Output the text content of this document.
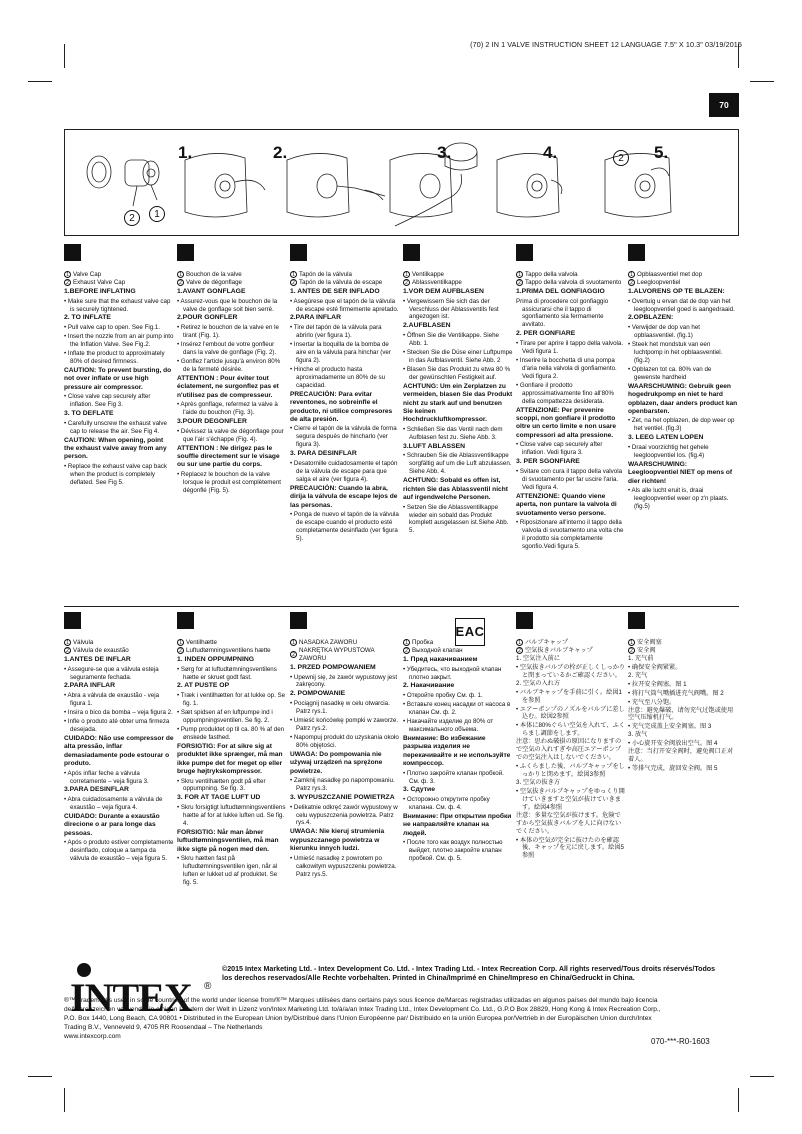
(70) 2 IN 1 VALVE INSTRUCTION SHEET 12 LANGUAGE 7.5" X 10.3" 03/19/2015
70
1.	2.	3.	4.	5.
1
2
2
1 Valve Cap
2 Exhaust Valve Cap
1.BEFORE INFLATING
• Make sure that the exhaust valve cap is securely tightened.
2. TO INFLATE
• Pull valve cap to open. See Fig.1.
• Insert the nozzle from an air pump into the Inflation Valve. See Fig.2.
• Inflate the product to approximately 80% of desired firmness.
CAUTION: To prevent bursting, do not over inflate or use high pressure air compressor.
• Close valve cap securely after inflation. See Fig 3.
3. TO DEFLATE
• Carefully unscrew the exhaust valve cap to release the air. See Fig 4.
CAUTION: When opening, point the exhaust valve away from any person.
• Replace the exhaust valve cap back when the product is completely deflated. See Fig 5.
1 Bouchon de la valve
2 Valve de dégonflage
1.AVANT GONFLAGE
• Assurez-vous que le bouchon de la valve de gonflage soit bien serré.
2.POUR GONFLER
• Retirez le bouchon de la valve en le tirant (Fig. 1).
• Insérez l'embout de votre gonfleur dans la valve de gonflage (Fig. 2).
• Gonflez l'article jusqu'à environ 80% de la fermeté désirée.
ATTENTION : Pour éviter tout éclatement, ne surgonflez pas et n'utilisez pas de compresseur.
• Après gonflage, refermez la valve à l'aide du bouchon (Fig. 3).
3.POUR DEGONFLER
• Dévissez la valve de dégonflage pour que l'air s'échappe (Fig. 4).
ATTENTION : Ne dirigez pas le souffle directement sur le visage ou sur une partie du corps.
• Replacez le bouchon de la valve lorsque le produit est complètement dégonflé (Fig. 5).
1 Tapón de la válvula
2 Tapón de la válvula de escape
1. ANTES DE SER INFLADO
• Asegúrese que el tapón de la válvula de escape esté firmemente apretado.
2.PARA INFLAR
• Tire del tapón de la válvula para abrirlo (ver figura 1).
• Insertar la boquilla de la bomba de aire en la válvula para hinchar (ver figura 2).
• Hinche el producto hasta aproximadamente un 80% de su capacidad.
PRECAUCIÓN: Para evitar reventones, no sobreinfle el producto, ni utilice compresores de alta presión.
• Cierre el tapón de la válvula de forma segura después de hincharlo (ver figura 3).
3. PARA DESINFLAR
• Desatornille cuidadosamente el tapón de la válvula de escape para que salga el aire (ver figura 4).
PRECAUCIÓN: Cuando la abra, dirija la válvula de escape lejos de las personas.
• Ponga de nuevo el tapón de la válvula de escape cuando el producto esté completamente desinflado (ver figura 5).
1 Ventilkappe
2 Ablassventilkappe
1.VOR DEM AUFBLASEN
• Vergewissern Sie sich das der Verschluss der Ablassventils fest angezogen ist.
2.AUFBLASEN
• Öffnen Sie die Ventilkappe. Siehe Abb. 1.
• Stecken Sie die Düse einer Luftpumpe in das Aufblasventil. Siehe Abb. 2
• Blasen Sie das Produkt zu etwa 80 % der gewünschten Festigkeit auf.
ACHTUNG: Um ein Zerplatzen zu vermeiden, blasen Sie das Produkt nicht zu stark auf und benutzen Sie keinen Hochdruckluftkompressor.
• Schließen Sie das Ventil nach dem Aufblasen fest zu. Siehe Abb. 3.
3.LUFT ABLASSEN
• Schrauben Sie die Ablassventilkappe sorgfältig auf um die Luft abzulassen. Siehe Abb. 4.
ACHTUNG: Sobald es offen ist, richten Sie das Ablassventil nicht auf irgendwelche Personen.
• Setzen Sie die Ablassventilkappe wieder ein sobald das Produkt komplett ausgelassen ist.Siehe Abb. 5.
1 Tappo della valvola
2 Tappo della valvola di svuotamento
1.PRIMA DEL GONFIAGGIO
Prima di procedere col gonfiaggio assicurarsi che il tappo di sgonfiamento sia fermamente avvitato.
2. PER GONFIARE
• Tirare per aprire il tappo della valvola. Vedi figura 1.
• Inserire la bocchetta di una pompa d'aria nella valvola di gonfiamento. Vedi figura 2.
• Gonfiare il prodotto approssimativamente fino all'80% della compattezza desiderata.
ATTENZIONE: Per prevenire scoppi, non gonfiare il prodotto oltre un certo limite e non usare compressori ad alta pressione.
• Close valve cap securely after inflation. Vedi figura 3.
3. PER SGONFIARE
• Svitare con cura il tappo della valvola di svuotamento per far uscire l'aria. Vedi figura 4.
ATTENZIONE: Quando viene aperta, non puntare la valvola di svuotamento verso persone.
• Riposizionare all'interno il tappo della valvola di svuotamento una volta che il prodotto sia completamente sgonfio.Vedi figura 5.
1 Opblaasventiel met dop
2 Leegloopventiel
1.ALVORENS OP TE BLAZEN:
• Overtuig u ervan dat de dop van het leegloopventiel goed is aangedraaid.
2.OPBLAZEN:
• Verwijder de dop van het opblaasventiel. (fig.1)
• Steek het mondstuk van een luchtpomp in het opblaasventiel. (fig.2)
• Opblazen tot ca. 80% van de gewenste hardheid
WAARSCHUWING: Gebruik geen hogedrukpomp en niet te hard opblazen, daar anders product kan openbarsten.
• Zet, na het opblazen, de dop weer op het ventiel. (fig.3)
3. LEEG LATEN LOPEN
• Draai voorzichtig het gehele leegloopventiel los. (fig.4)
WAARSCHUWING: Leegloopventiel NIET op mens of dier richten!
• Als alle lucht eruit is, draai leegloopventiel weer op z'n plaats. (fig.5)
1 Válvula
2 Válvula de exaustão
1.ANTES DE INFLAR
• Assegure-se que a válvula esteja seguramente fechada.
2.PARA INFLAR
• Abra a válvula de exaustão - veja figura 1.
• Insira o bico da bomba – veja figura 2.
• Infle o produto até obter uma firmeza desejada.
CUIDADO: Não use compressor de alta pressão, inflar demasiadamente pode estourar o produto.
• Após inflar feche a válvula corretamente – veja figura 3.
3.PARA DESINFLAR
• Abra cuidadosamente a válvula de exaustão – veja figura 4.
CUIDADO: Durante a exaustão direcione o ar para longe das pessoas.
• Após o produto estiver completamente desinflado, coloque a tampa da válvula de exaustão – veja figura 5.
1 Ventilhætte
2 Luftudtømningsventilens hætte
1. INDEN OPPUMPNING
• Sørg for at luftudtømningsventilens hætte er skruet godt fast.
2. AT PUSTE OP
• Træk i ventilhætten for at lukke op. Se fig. 1.
• Sæt spidsen af en luftpumpe ind i oppumpningsventilen. Se fig. 2.
• Pump produktet op til ca. 80 % af den ønskede fasthed.
FORSIGTIG: For at sikre sig at produktet ikke sprænger, må man ikke pumpe det for meget op eller bruge højtrykskompressor.
• Skru ventilhætten godt på efter oppumpning. Se fig. 3.
3. FOR AT TAGE LUFT UD
• Skru forsigtigt luftudtømningsventilens hætte af for at lukke luften ud. Se fig. 4.
FORSIGTIG: Når man åbner luftudtømningsventilen, må man ikke sigte på nogen med den.
• Skru hætten fast på luftudtømningsventilen igen, når al luften er lukket ud af produktet. Se fig. 5.
1 NASADKA ZAWORU
2
NAKRĘTKA WYPUSTOWA ZAWORU
1. PRZED POMPOWANIEM
• Upewnij się, że zawór wypustowy jest zakręcony.
2. POMPOWANIE
• Pociągnij nasadkę w celu otwarcia. Patrz rys.1.
• Umieść końcówkę pompki w zaworze. Patrz rys.2.
• Napompuj produkt do uzyskania około 80% objętości.
UWAGA: Do pompowania nie używaj urządzeń na sprężone powietrze.
• Zamknij nasadkę po napompowaniu. Patrz rys.3.
3. WYPUSZCZANIE POWIETRZA
• Delikatnie odkręć zawór wypustowy w celu wypuszczenia powietrza. Patrz rys.4.
UWAGA: Nie kieruj strumienia wypuszczanego powietrza w kierunku innych ludzi.
• Umieść nasadkę z powrotem po całkowitym wypuszczeniu powietrza. Patrz rys.5.
1 Пробка
2 Выходной клапан
1. Пред накачиванием
• Убедитесь, что выходной клапан плотно закрыт.
2. Накачивание
• Откройте пробку См. ф. 1.
• Вставьте конец насадки от насоса в клапан См. ф. 2.
• Накачайте изделие до 80% от максимального объема.
Внимание: Во избежание разрыва изделия не перекачивайте и не используйте компрессор.
• Плотно закройте клапан пробкой. См. ф. 3.
3. Сдутие
• Осторожно открутите пробку клапана. См. ф. 4.
Внимание: При открытии пробки не направляйте клапан на людей.
• После того как воздух полностью выйдет, плотно закройте клапан пробкой. См. ф. 5.
1 バルブキャップ
2 空気抜きバルブキャップ
1. 空気注入前に
• 空気抜きバルブの栓が正しくしっかりと閉まっているかご確認ください。
2. 空気の入れ方
• バルブキャップを手前に引く。絵図1を参照
• エアーポンプのノズルをバルブに差し込む。絵図2参照
• 本体に80%ぐらい空気を入れて、ふくらまし調節をします。
注意：思わぬ破損の原因になりますので空気の入れすぎや高圧エアーポンプでの空気注入はしないでください。
• ふくらました後、バルブキャップをしっかりと閉めます。絵図3参照
3. 空気の抜き方
• 空気抜きバルブキャップをゆっくり開けていきますと空気が抜けていきます。絵図4参照
注意：多量な空気が抜けます。危険ですから空気抜きバルブを人に向けないでください。
• 本体の空気が完全に抜けたのを確認後、キャップを元に戻します。絵図5参照
1 安全阀塞
2 安全阀
1. 充气前
• 确保安全阀紧紧。
2. 充气
• 拉开安全阀塞。图 1
• 将打气筒气嘴插进充气阀嘴。图 2
• 充气至八分饱。
注意：避免爆破，请勿充气过饱或使用空气压缩机打气。
• 充气完成盖上安全阀塞。图 3
3. 放气
• 小心旋开安全阀放出空气。图 4
注意：当打开安全阀时，避免阀口正对着人。
• 等排气完成，旋回安全阀。图 5
EAC
INTEX ®
©2015 Intex Marketing Ltd. - Intex Development Co. Ltd. - Intex Trading Ltd. - Intex Recreation Corp. All rights reserved/Tous droits réservés/Todos los derechos reservados/Alle Rechte vorbehalten. Printed in China/Imprimé en Chine/Impreso en China/Gedruckt in China.
®™ Trademarks used in some countries of the world under license from/®™ Marques utilisées dans certains pays sous licence de/Marcas registradas utilizadas en algunos países del mundo bajo licencia de/Warenzeichen verwendet in einigen Ländern der Welt in Lizenz von/Intex Marketing Ltd. to/à/a/an Intex Trading Ltd., Intex Development Co. Ltd., G.P.O Box 28829, Hong Kong & Intex Recreation Corp., P.O. Box 1440, Long Beach, CA 90801 • Distributed in the European Union by/Distribué dans l'Union Européenne par/ Distribuido en la unión Europea por/Vertrieb in der Europäischen Union durch/Intex Trading B.V., Venneveld 9, 4705 RR Roosendaal – The Netherlands
www.intexcorp.com
070-***-R0-1603
